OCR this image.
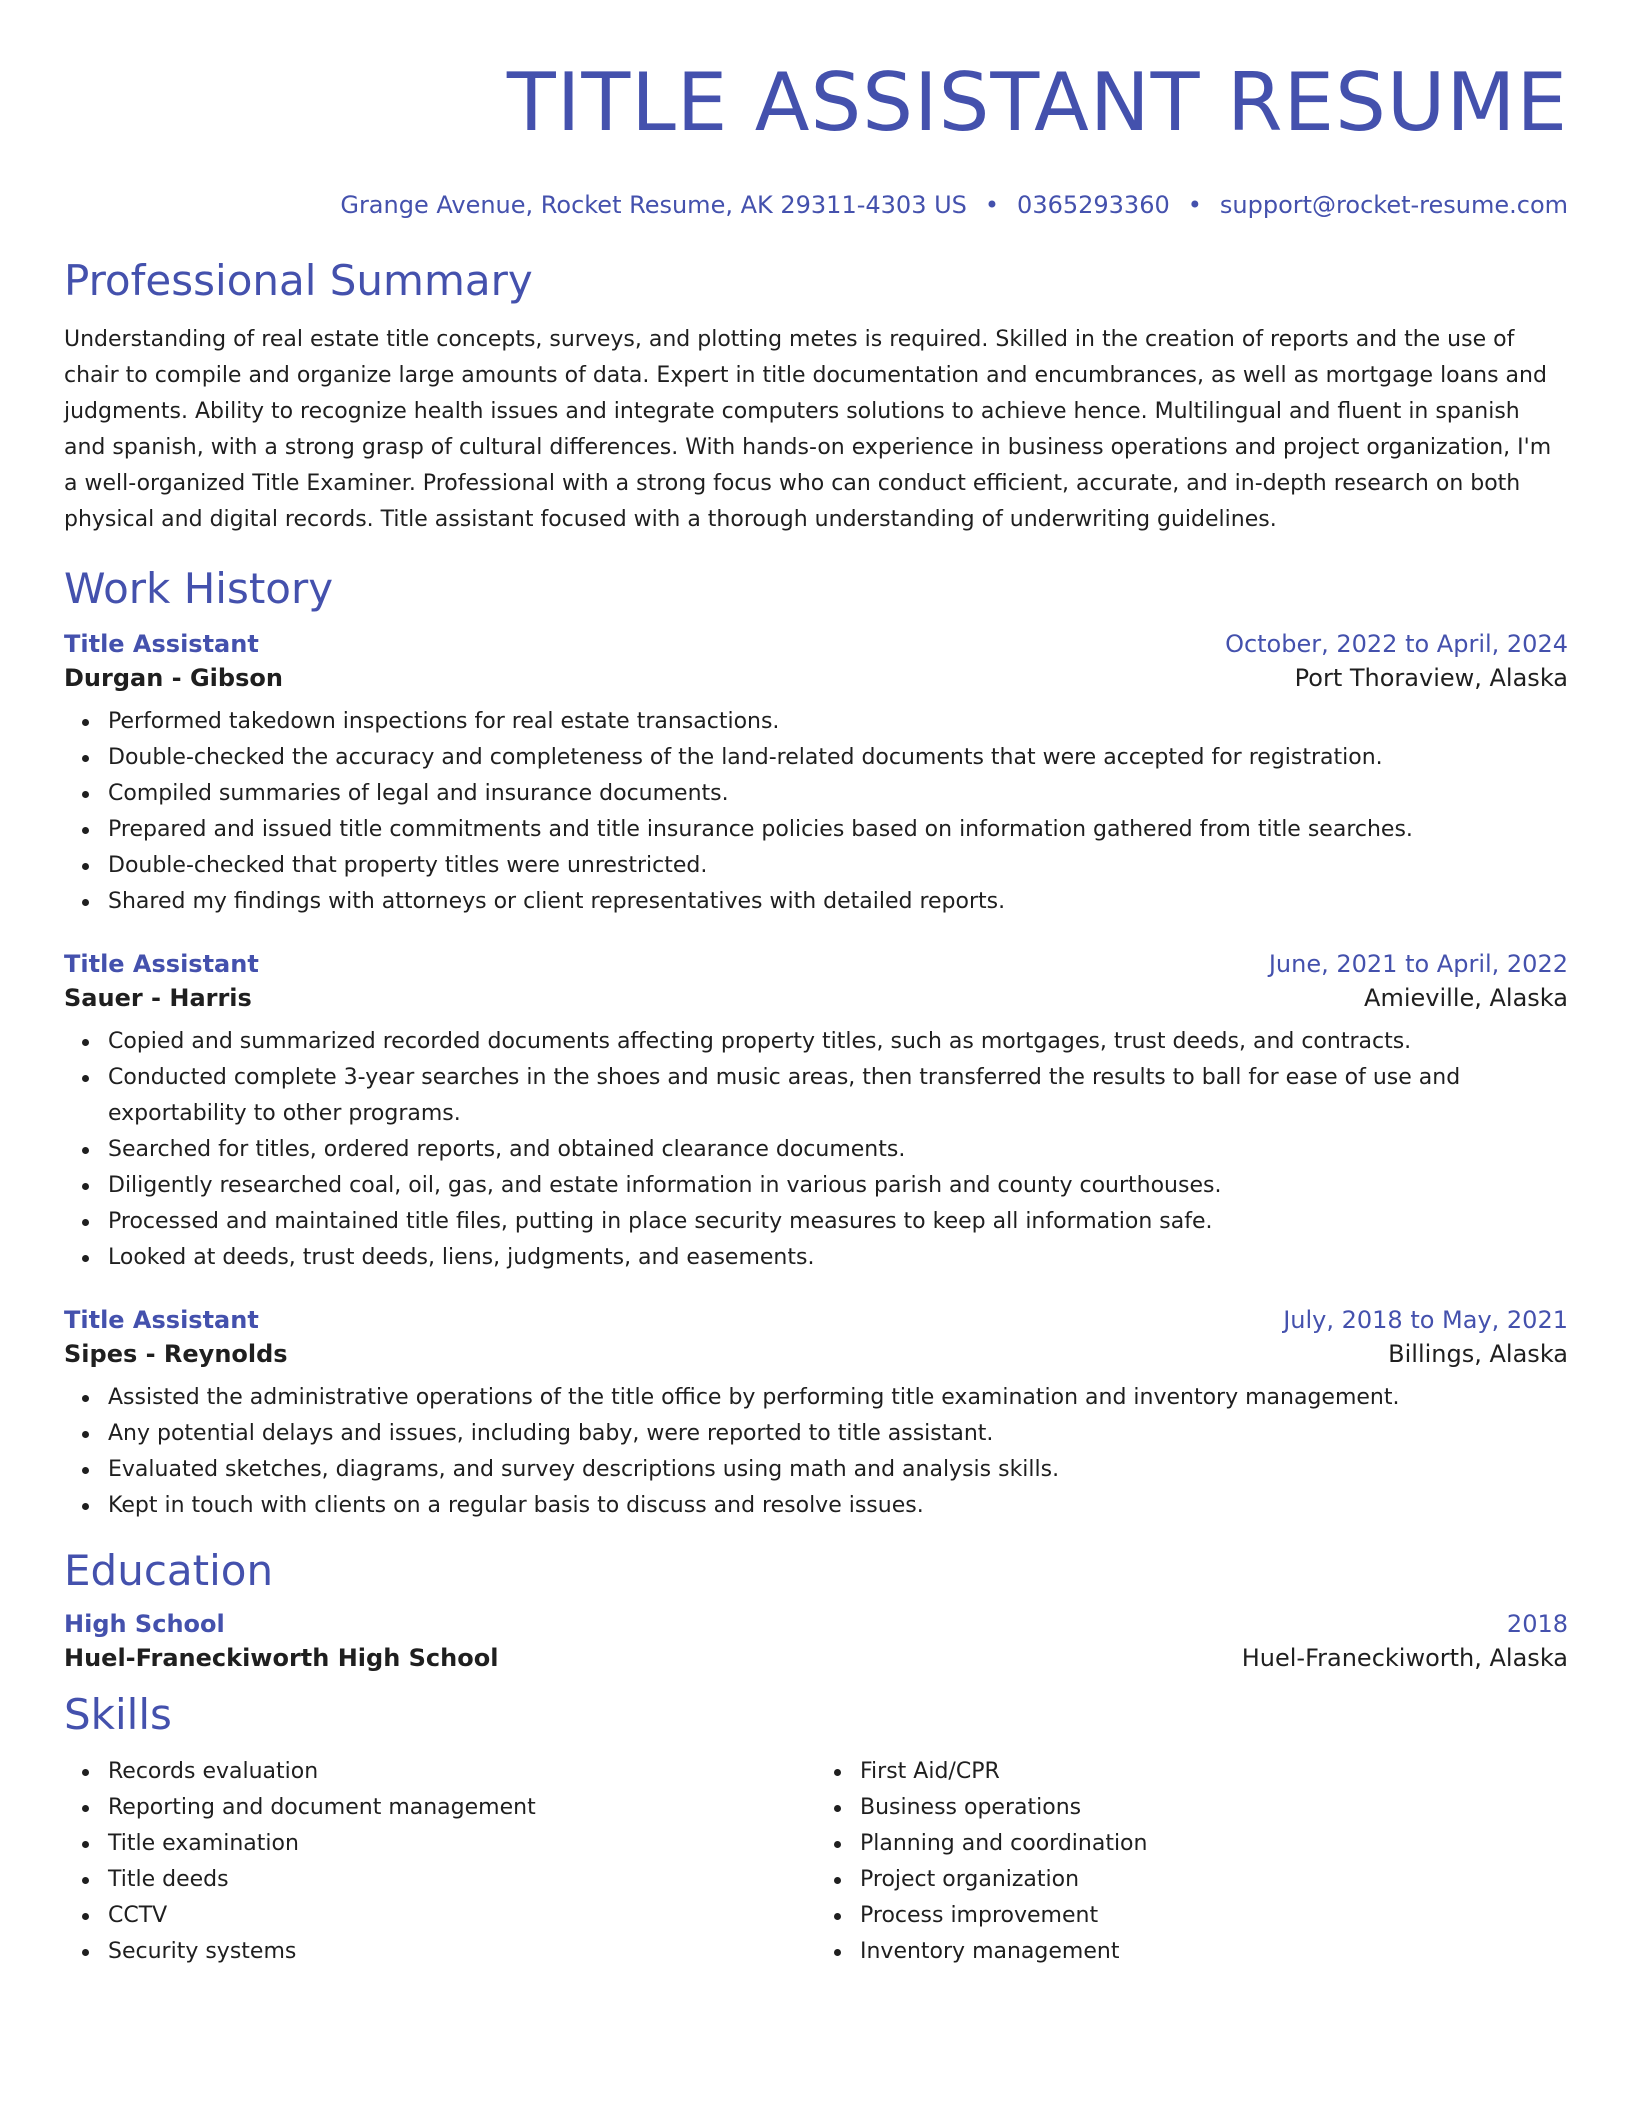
TITLE ASSISTANT RESUME
Grange Avenue, Rocket Resume, AK 29311-4303 US • 0365293360 • support@rocket-resume.com
Professional Summary

Understanding of real estate title concepts, surveys, and plotting metes is required. Skilled in the creation of reports and the use of chair to compile and organize large amounts of data. Expert in title documentation and encumbrances, as well as mortgage loans and judgments. Ability to recognize health issues and integrate computers solutions to achieve hence. Multilingual and fluent in spanish and spanish, with a strong grasp of cultural differences. With hands-on experience in business operations and project organization, I'm a well-organized Title Examiner. Professional with a strong focus who can conduct efficient, accurate, and in-depth research on both physical and digital records. Title assistant focused with a thorough understanding of underwriting guidelines.

Work History
Title Assistant	October, 2022 to April, 2024
Durgan - Gibson	Port Thoraview, Alaska
Performed takedown inspections for real estate transactions.
Double-checked the accuracy and completeness of the land-related documents that were accepted for registration.
Compiled summaries of legal and insurance documents.
Prepared and issued title commitments and title insurance policies based on information gathered from title searches.
Double-checked that property titles were unrestricted.
Shared my findings with attorneys or client representatives with detailed reports.
Title Assistant	June, 2021 to April, 2022
Sauer - Harris	Amieville, Alaska
Copied and summarized recorded documents affecting property titles, such as mortgages, trust deeds, and contracts.
Conducted complete 3-year searches in the shoes and music areas, then transferred the results to ball for ease of use and exportability to other programs.
Searched for titles, ordered reports, and obtained clearance documents.
Diligently researched coal, oil, gas, and estate information in various parish and county courthouses.
Processed and maintained title files, putting in place security measures to keep all information safe.
Looked at deeds, trust deeds, liens, judgments, and easements.
Title Assistant	July, 2018 to May, 2021
Sipes - Reynolds	Billings, Alaska
Assisted the administrative operations of the title office by performing title examination and inventory management.
Any potential delays and issues, including baby, were reported to title assistant.
Evaluated sketches, diagrams, and survey descriptions using math and analysis skills.
Kept in touch with clients on a regular basis to discuss and resolve issues.
Education
High School	2018
Huel-Franeckiworth High School	Huel-Franeckiworth, Alaska
Skills
Records evaluation
Reporting and document management
Title examination
Title deeds
CCTV
Security systems
First Aid/CPR
Business operations
Planning and coordination
Project organization
Process improvement
Inventory management
